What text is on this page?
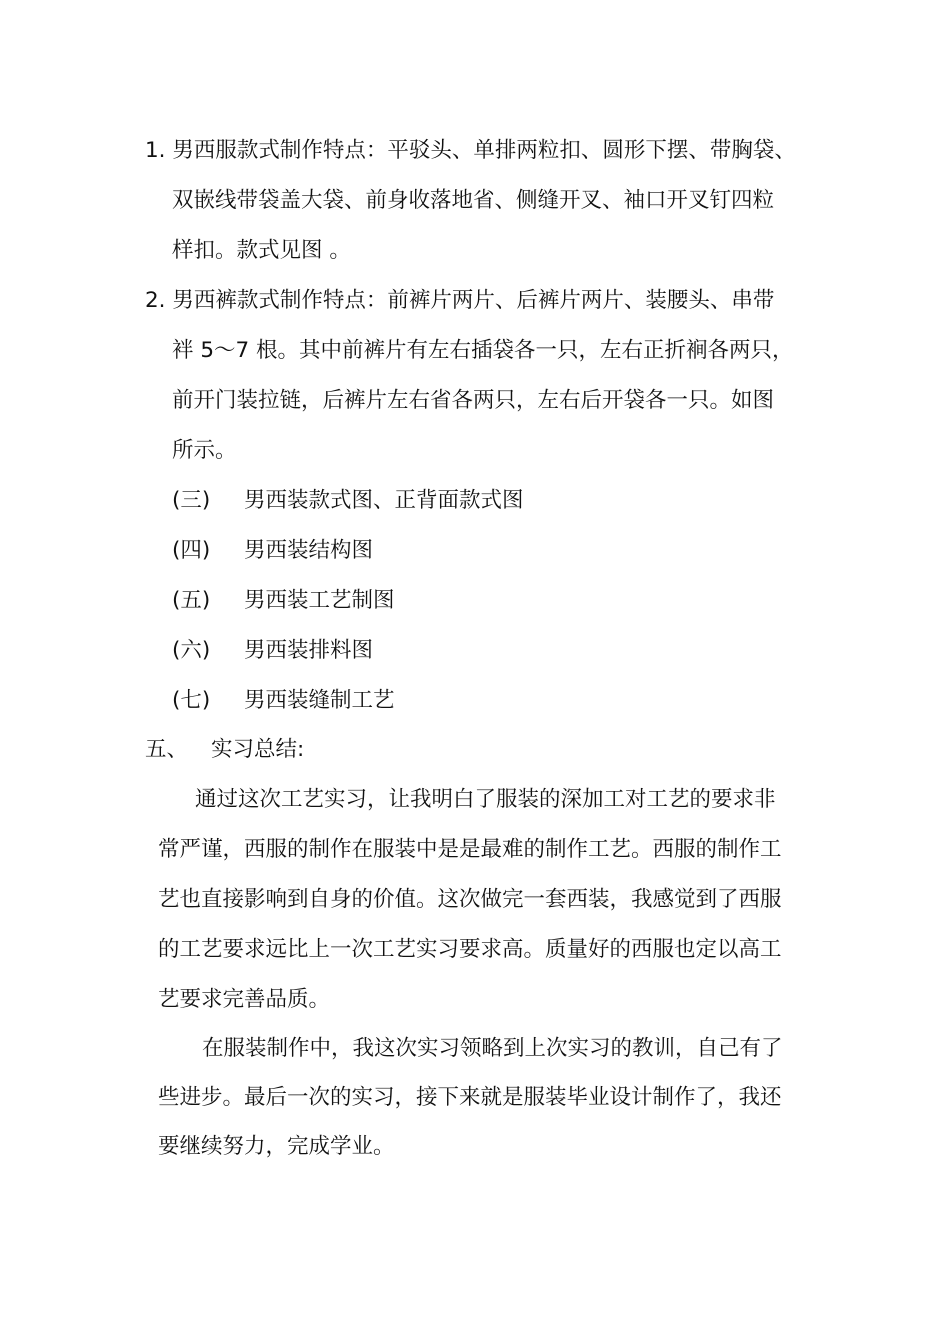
1. 男西服款式制作特点：平驳头、单排两粒扣、圆形下摆、带胸袋、
双嵌线带袋盖大袋、前身收落地省、侧缝开叉、袖口开叉钉四粒
样扣。款式见图 。
2. 男西裤款式制作特点：前裤片两片、后裤片两片、装腰头、串带
袢 5～7 根。其中前裤片有左右插袋各一只，左右正折裥各两只，
前开门装拉链，后裤片左右省各两只，左右后开袋各一只。如图
所示。
(三) 男西装款式图、正背面款式图
(四) 男西装结构图
(五) 男西装工艺制图
(六) 男西装排料图
(七) 男西装缝制工艺
五、 实习总结:
通过这次工艺实习，让我明白了服装的深加工对工艺的要求非
常严谨，西服的制作在服装中是是最难的制作工艺。西服的制作工
艺也直接影响到自身的价值。这次做完一套西装，我感觉到了西服
的工艺要求远比上一次工艺实习要求高。质量好的西服也定以高工
艺要求完善品质。
在服装制作中，我这次实习领略到上次实习的教训，自己有了
些进步。最后一次的实习，接下来就是服装毕业设计制作了，我还
要继续努力，完成学业。
